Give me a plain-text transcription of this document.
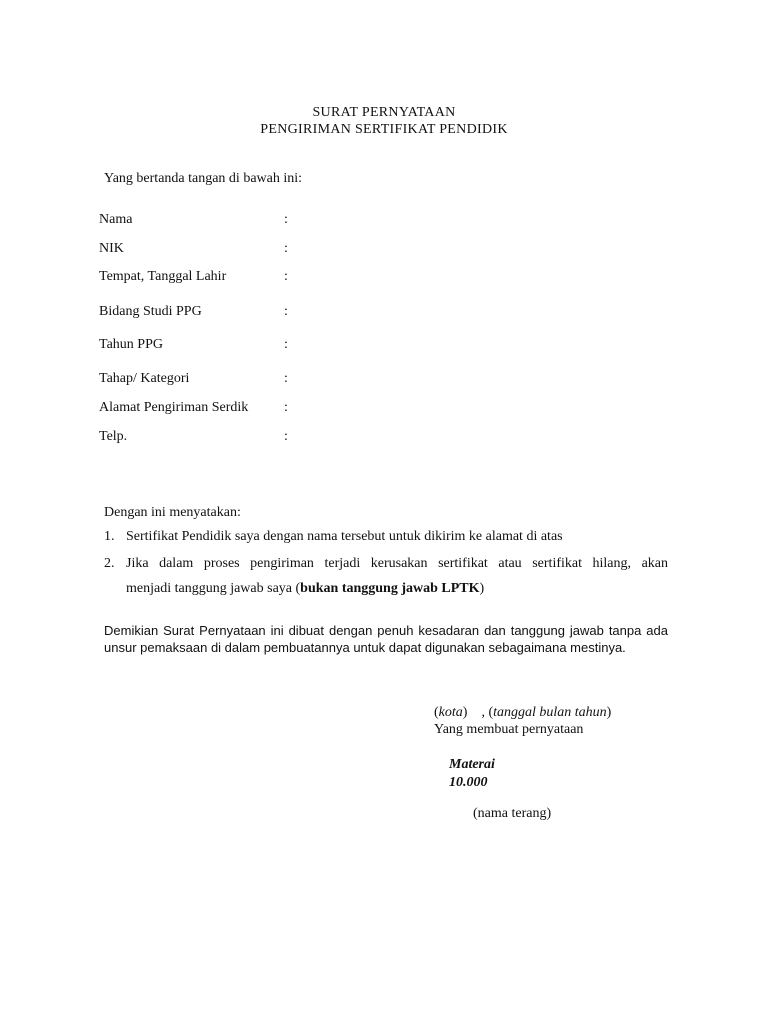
SURAT PERNYATAAN
PENGIRIMAN SERTIFIKAT PENDIDIK
Yang bertanda tangan di bawah ini:
Nama	:
NIK	:
Tempat, Tanggal Lahir	:
Bidang Studi PPG	:
Tahun PPG	:
Tahap/ Kategori	:
Alamat Pengiriman Serdik	:
Telp.	:
Dengan ini menyatakan:
1. Sertifikat Pendidik saya dengan nama tersebut untuk dikirim ke alamat di atas
2. Jika dalam proses pengiriman terjadi kerusakan sertifikat atau sertifikat hilang, akan
menjadi tanggung jawab saya (bukan tanggung jawab LPTK)
Demikian Surat Pernyataan ini dibuat dengan penuh kesadaran dan tanggung jawab tanpa ada unsur pemaksaan di dalam pembuatannya untuk dapat digunakan sebagaimana mestinya.
(kota)    , (tanggal bulan tahun)
Yang membuat pernyataan
Materai
10.000
(nama terang)
